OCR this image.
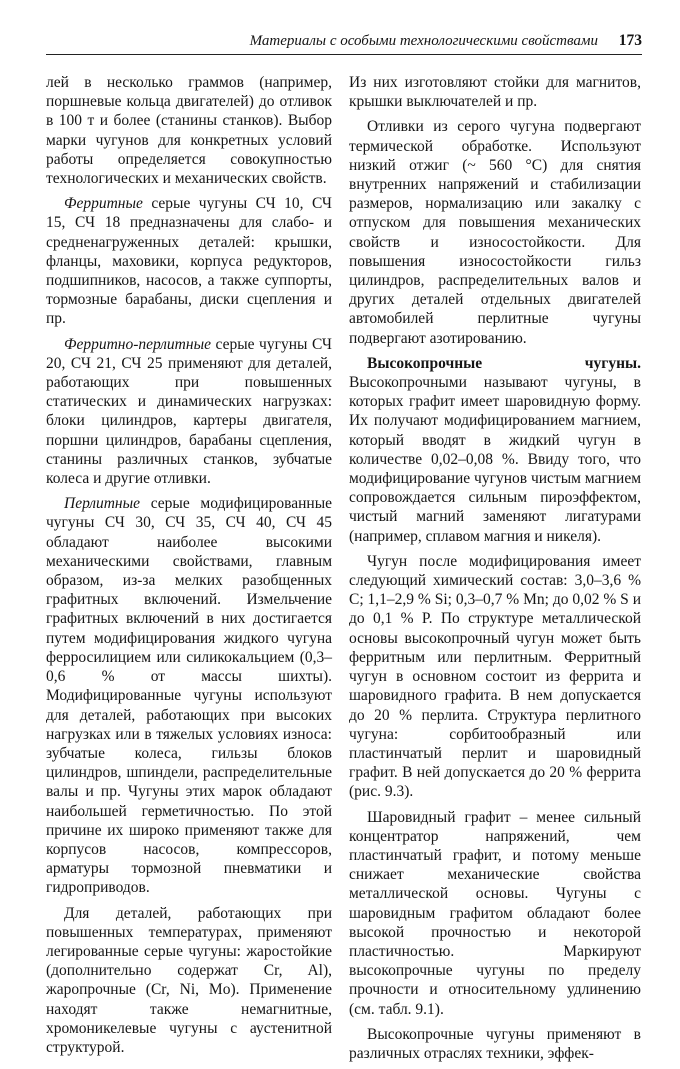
Материалы с особыми технологическими свойствами 173

лей в несколько граммов (например, поршневые кольца двигателей) до отливок в 100 т и более (станины станков). Выбор марки чугунов для конкретных условий работы определяется совокупностью технологических и механических свойств.

Ферритные серые чугуны СЧ 10, СЧ 15, СЧ 18 предназначены для слабо- и средненагруженных деталей: крышки, фланцы, маховики, корпуса редукторов, подшипников, насосов, а также суппорты, тормозные барабаны, диски сцепления и пр.

Ферритно-перлитные серые чугуны СЧ 20, СЧ 21, СЧ 25 применяют для деталей, работающих при повышенных статических и динамических нагрузках: блоки цилиндров, картеры двигателя, поршни цилиндров, барабаны сцепления, станины различных станков, зубчатые колеса и другие отливки.

Перлитные серые модифицированные чугуны СЧ 30, СЧ 35, СЧ 40, СЧ 45 обладают наиболее высокими механическими свойствами, главным образом, из-за мелких разобщенных графитных включений. Измельчение графитных включений в них достигается путем модифицирования жидкого чугуна ферросилицием или силикокальцием (0,3–0,6 % от массы шихты). Модифицированные чугуны используют для деталей, работающих при высоких нагрузках или в тяжелых условиях износа: зубчатые колеса, гильзы блоков цилиндров, шпиндели, распределительные валы и пр. Чугуны этих марок обладают наибольшей герметичностью. По этой причине их широко применяют также для корпусов насосов, компрессоров, арматуры тормозной пневматики и гидроприводов.

Для деталей, работающих при повышенных температурах, применяют легированные серые чугуны: жаростойкие (дополнительно содержат Cr, Al), жаропрочные (Cr, Ni, Mo). Применение находят также немагнитные, хромоникелевые чугуны с аустенитной структурой.

Из них изготовляют стойки для магнитов, крышки выключателей и пр.

Отливки из серого чугуна подвергают термической обработке. Используют низкий отжиг (~ 560 °С) для снятия внутренних напряжений и стабилизации размеров, нормализацию или закалку с отпуском для повышения механических свойств и износостойкости. Для повышения износостойкости гильз цилиндров, распределительных валов и других деталей отдельных двигателей автомобилей перлитные чугуны подвергают азотированию.

Высокопрочные чугуны. Высокопрочными называют чугуны, в которых графит имеет шаровидную форму. Их получают модифицированием магнием, который вводят в жидкий чугун в количестве 0,02–0,08 %. Ввиду того, что модифицирование чугунов чистым магнием сопровождается сильным пироэффектом, чистый магний заменяют лигатурами (например, сплавом магния и никеля).

Чугун после модифицирования имеет следующий химический состав: 3,0–3,6 % С; 1,1–2,9 % Si; 0,3–0,7 % Mn; до 0,02 % S и до 0,1 % Р. По структуре металлической основы высокопрочный чугун может быть ферритным или перлитным. Ферритный чугун в основном состоит из феррита и шаровидного графита. В нем допускается до 20 % перлита. Структура перлитного чугуна: сорбитообразный или пластинчатый перлит и шаровидный графит. В ней допускается до 20 % феррита (рис. 9.3).

Шаровидный графит – менее сильный концентратор напряжений, чем пластинчатый графит, и потому меньше снижает механические свойства металлической основы. Чугуны с шаровидным графитом обладают более высокой прочностью и некоторой пластичностью. Маркируют высокопрочные чугуны по пределу прочности и относительному удлинению (см. табл. 9.1).

Высокопрочные чугуны применяют в различных отраслях техники, эффек-
